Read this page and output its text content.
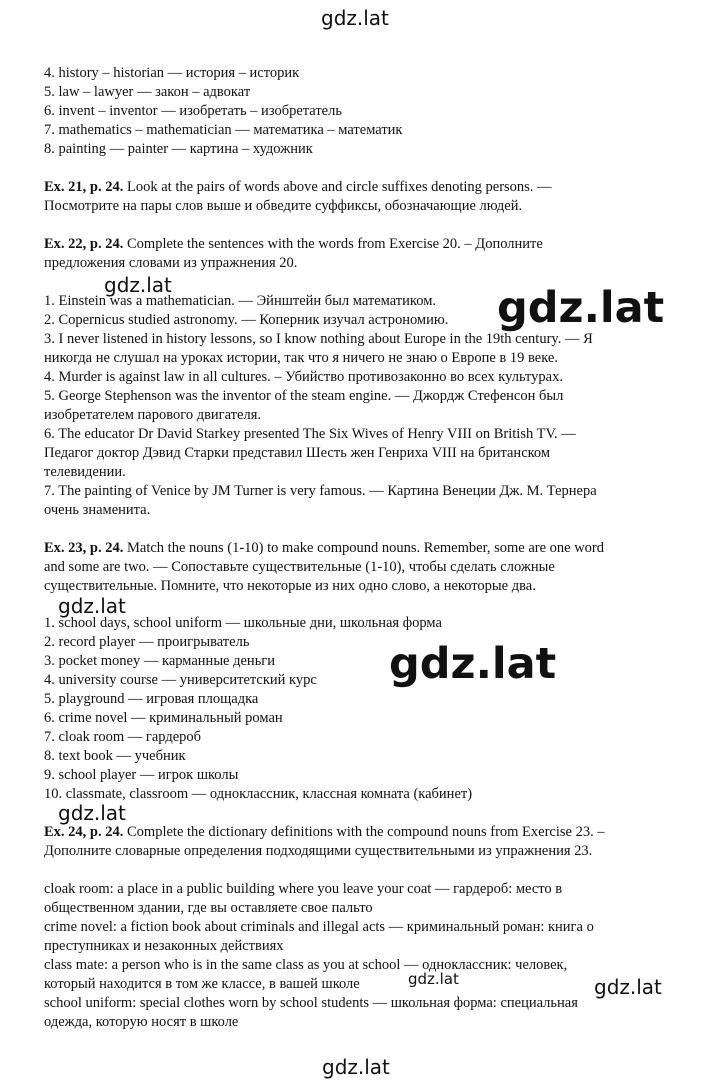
gdz.lat
4. history – historian — история – историк
5. law – lawyer — закон – адвокат
6. invent – inventor — изобретать – изобретатель
7. mathematics – mathematician — математика – математик
8. painting — painter — картина – художник
Ex. 21, p. 24. Look at the pairs of words above and circle suffixes denoting persons. —
Посмотрите на пары слов выше и обведите суффиксы, обозначающие людей.
Ex. 22, p. 24. Complete the sentences with the words from Exercise 20. – Дополните
предложения словами из упражнения 20.
1. Einstein was a mathematician. — Эйнштейн был математиком.
2. Copernicus studied astronomy. — Коперник изучал астрономию.
3. I never listened in history lessons, so I know nothing about Europe in the 19th century. — Я
никогда не слушал на уроках истории, так что я ничего не знаю о Европе в 19 веке.
4. Murder is against law in all cultures. – Убийство противозаконно во всех культурах.
5. George Stephenson was the inventor of the steam engine. — Джордж Стефенсон был
изобретателем парового двигателя.
6. The educator Dr David Starkey presented The Six Wives of Henry VIII on British TV. —
Педагог доктор Дэвид Старки представил Шесть жен Генриха VIII на британском
телевидении.
7. The painting of Venice by JM Turner is very famous. — Картина Венеции Дж. М. Тернера
очень знаменита.
Ex. 23, p. 24. Match the nouns (1-10) to make compound nouns. Remember, some are one word
and some are two. — Сопоставьте существительные (1-10), чтобы сделать сложные
существительные. Помните, что некоторые из них одно слово, а некоторые два.
1. school days, school uniform — школьные дни, школьная форма
2. record player — проигрыватель
3. pocket money — карманные деньги
4. university course — университетский курс
5. playground — игровая площадка
6. crime novel — криминальный роман
7. cloak room — гардероб
8. text book — учебник
9. school player — игрок школы
10. classmate, classroom — одноклассник, классная комната (кабинет)
Ex. 24, p. 24. Complete the dictionary definitions with the compound nouns from Exercise 23. –
Дополните словарные определения подходящими существительными из упражнения 23.
cloak room: a place in a public building where you leave your coat — гардероб: место в
общественном здании, где вы оставляете свое пальто
crime novel: a fiction book about criminals and illegal acts — криминальный роман: книга о
преступниках и незаконных действиях
class mate: a person who is in the same class as you at school — одноклассник: человек,
который находится в том же классе, в вашей школе
school uniform: special clothes worn by school students — школьная форма: специальная
одежда, которую носят в школе
gdz.lat	gdz.lat
gdz.lat
gdz.lat
gdz.lat
gdz.lat	gdz.lat
gdz.lat
